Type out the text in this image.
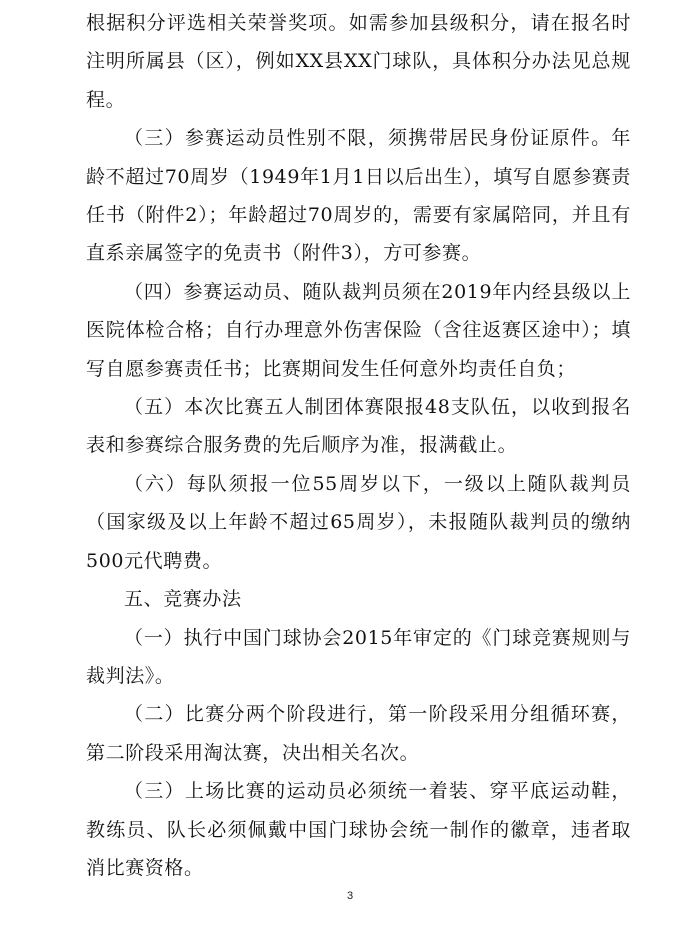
根据积分评选相关荣誉奖项。如需参加县级积分，请在报名时注明所属县（区），例如XX县XX门球队，具体积分办法见总规程。

（三）参赛运动员性别不限，须携带居民身份证原件。年龄不超过70周岁（1949年1月1日以后出生），填写自愿参赛责任书（附件2）；年龄超过70周岁的，需要有家属陪同，并且有直系亲属签字的免责书（附件3），方可参赛。

（四）参赛运动员、随队裁判员须在2019年内经县级以上医院体检合格；自行办理意外伤害保险（含往返赛区途中）；填写自愿参赛责任书；比赛期间发生任何意外均责任自负；

（五）本次比赛五人制团体赛限报48支队伍，以收到报名表和参赛综合服务费的先后顺序为准，报满截止。

（六）每队须报一位55周岁以下，一级以上随队裁判员（国家级及以上年龄不超过65周岁），未报随队裁判员的缴纳500元代聘费。

五、竞赛办法

（一）执行中国门球协会2015年审定的《门球竞赛规则与裁判法》。

（二）比赛分两个阶段进行，第一阶段采用分组循环赛，第二阶段采用淘汰赛，决出相关名次。

（三）上场比赛的运动员必须统一着装、穿平底运动鞋，教练员、队长必须佩戴中国门球协会统一制作的徽章，违者取消比赛资格。

3
